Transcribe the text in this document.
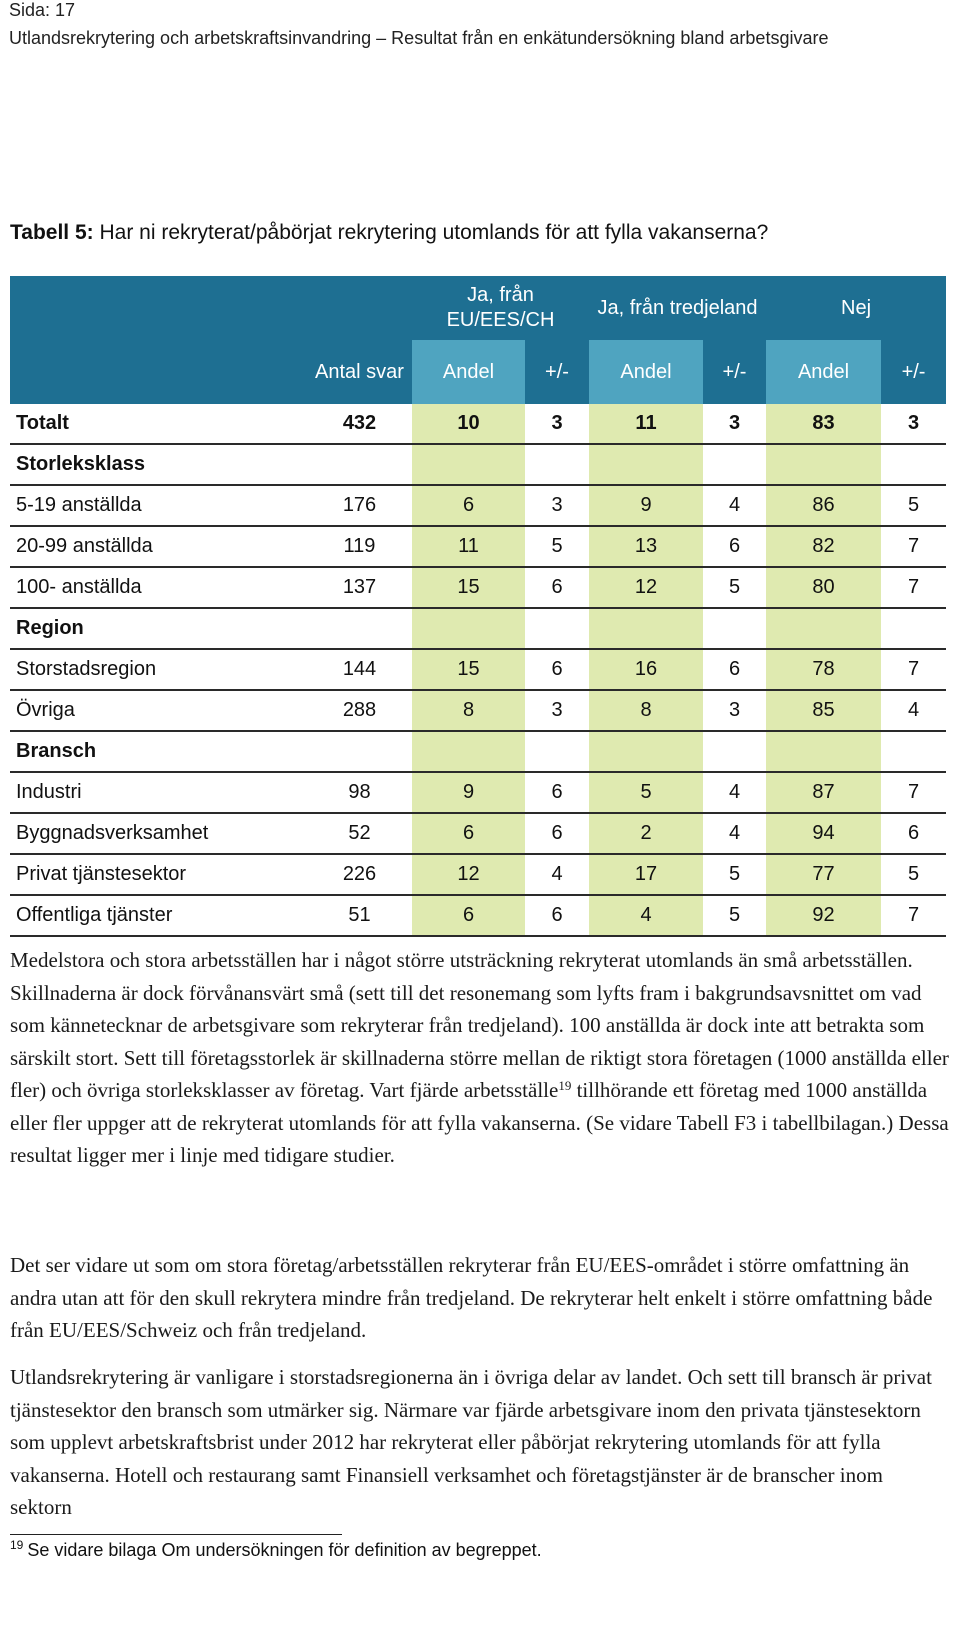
Sida: 17
Utlandsrekrytering och arbetskraftsinvandring – Resultat från en enkätundersökning bland arbetsgivare
Tabell 5: Har ni rekryterat/påbörjat rekrytering utomlands för att fylla vakanserna?
		Ja, från EU/EES/CH		Ja, från tredjeland		Nej	
	Antal svar	Andel	+/-	Andel	+/-	Andel	+/-
Totalt	432	10	3	11	3	83	3
Storleksklass							
5-19 anställda	176	6	3	9	4	86	5
20-99 anställda	119	11	5	13	6	82	7
100- anställda	137	15	6	12	5	80	7
Region							
Storstadsregion	144	15	6	16	6	78	7
Övriga	288	8	3	8	3	85	4
Bransch							
Industri	98	9	6	5	4	87	7
Byggnadsverksamhet	52	6	6	2	4	94	6
Privat tjänstesektor	226	12	4	17	5	77	5
Offentliga tjänster	51	6	6	4	5	92	7

Medelstora och stora arbetsställen har i något större utsträckning rekryterat utomlands än små arbetsställen. Skillnaderna är dock förvånansvärt små (sett till det resonemang som lyfts fram i bakgrundsavsnittet om vad som kännetecknar de arbetsgivare som rekryterar från tredjeland). 100 anställda är dock inte att betrakta som särskilt stort. Sett till företagsstorlek är skillnaderna större mellan de riktigt stora företagen (1000 anställda eller fler) och övriga storleksklasser av företag. Vart fjärde arbetsställe$^{19}$ tillhörande ett företag med 1000 anställda eller fler uppger att de rekryterat utomlands för att fylla vakanserna. (Se vidare Tabell F3 i tabellbilagan.) Dessa resultat ligger mer i linje med tidigare studier.

Det ser vidare ut som om stora företag/arbetsställen rekryterar från EU/EES-området i större omfattning än andra utan att för den skull rekrytera mindre från tredjeland. De rekryterar helt enkelt i större omfattning både från EU/EES/Schweiz och från tredjeland.

Utlandsrekrytering är vanligare i storstadsregionerna än i övriga delar av landet. Och sett till bransch är privat tjänstesektor den bransch som utmärker sig. Närmare var fjärde arbetsgivare inom den privata tjänstesektorn som upplevt arbetskraftsbrist under 2012 har rekryterat eller påbörjat rekrytering utomlands för att fylla vakanserna. Hotell och restaurang samt Finansiell verksamhet och företagstjänster är de branscher inom sektorn

$^{19}$ Se vidare bilaga Om undersökningen för definition av begreppet.
